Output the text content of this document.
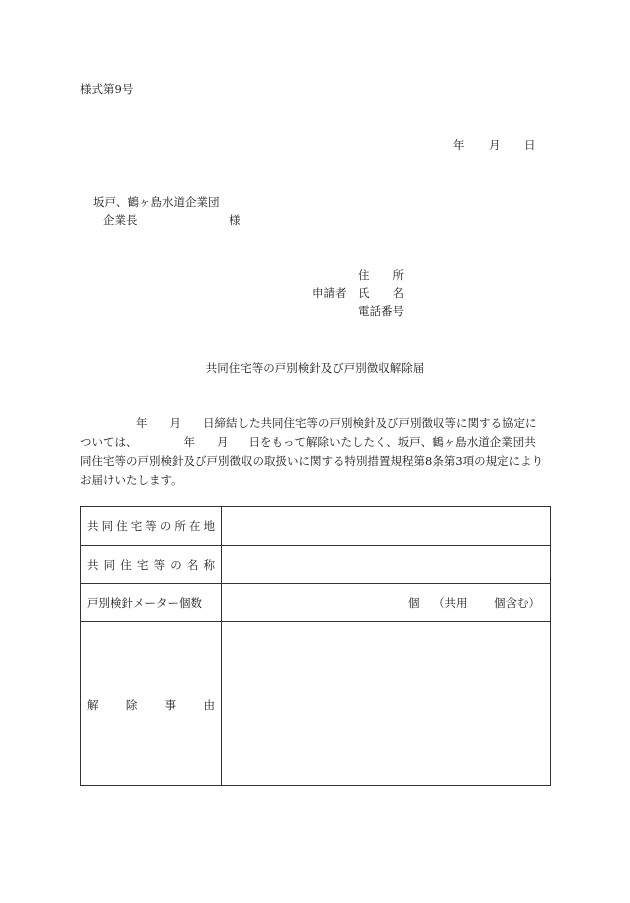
様式第9号
年 月 日
坂戸、鶴ヶ島水道企業団
企業長	様
住　　所
申請者 氏　　名
電話番号
共同住宅等の戸別検針及び戸別徴収解除届
年 月 日締結した共同住宅等の戸別検針及び戸別徴収等に関する協定に
ついては、	年 月 日をもって解除いたしたく、坂戸、鶴ヶ島水道企業団共
同住宅等の戸別検針及び戸別徴収の取扱いに関する特別措置規程第8条第3項の規定により
お届けいたします。
共 同 住 宅 等 の 所 在 地
共 同 住 宅 等 の 名 称
戸別検針メーター個数	個 （共用 個含む）
解 除 事 由
